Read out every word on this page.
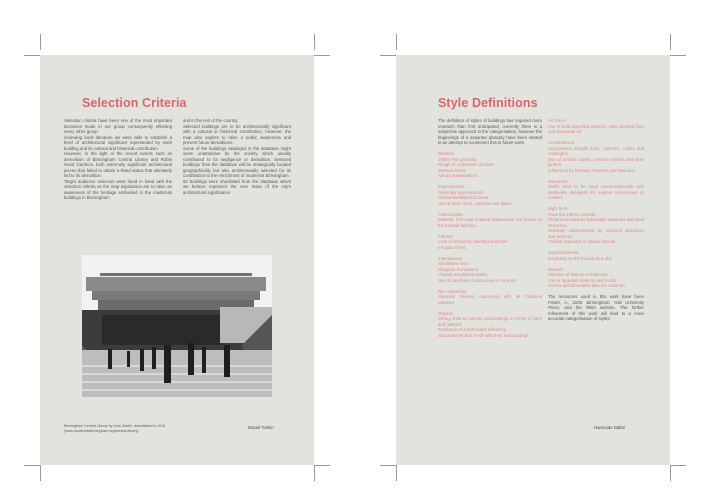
Selection Criteria

Selection criteria have been one of the most important decisions made in our group consequently effecting every other group.

reviewing book literature we were able to establish a level of architectural significant represented by each building and its cultural and historical contribution.

However, in the light of the recent events such as demolition of Birmingham Central Library and Robin Hood Gardens, both extremely significant architectural pieces that failed to obtain a listed status that ultimately led to its demolition.

Target audience selection went hand in hand with the selection criteria as the map aspirations are to raise an awareness of the heritage embodied in the modernist buildings in Birmingham

and in the rest of the country.

Selected buildings are to be architecturally significant with a cultural or historical contribution, however, the map also aspires to raise a public awareness and prevent future demolitions.

Some of the buildings cataloged in the database might seem unattractive by the society which usually contributed to its negligence or demolition. Selected buildings from the database will be strategically located geographically but also architecturally selected for its contribution to the enrichment of modernist Birmingham.

50 buildings were shortlisted from the database which we believe represent the core mass of the city's architectural significance.

Birmingham Central Library by John Madin, demolished in 2016 (www.modernistbirmingham.org/central-library)
Daniel Tonkin
Style Definitions

The definition of styles of buildings has required more research than first anticipated, currently there is a subjective approach to the categorisation, however the beginnings of a separate glossary have been started in an attempt to counteract this in future work.

Brutalist-

1950s-70s generally

Rough or unfinished concrete

Massive forms

Abrupt juxtapositions

Expressionist-

Generally asymmetrical

Abstracted/distorted forms

Use of brick, steel, concrete and glass.

Functionalist-

Material, form and outward appearance are based on the internal function.

Futurist-

Lack of ornament, painting and relief

Irregular forms

International-

Rectilinear form

Stripped of ornament

Visually weightless quality

Use of cantilever construction is common

Neo Classicist-

Classical Revival, concerned with all Classical volumes

Organic-

Strong links to natural surroundings in terms of form and material

Emphasis on functionalist efficiency

Structures tend to 'meld' with their surroundings

Art Deco-

Use of bold simplified patterns, often derived from non-European art

Constructivist-

Incorporates straight lines, cylinders, cubes and rectangles.

Use of tension cables, concrete frames and steel girders

Influenced by Russian Futurism and Bauhaus

Mannerist-

Motifs tend to be used unconventionally with deliberate disregard for original conventions or context

High Tech-

From the 1960s onwards

Preference towards lightweight materials and steel structures.

Buildings characterised by exposed structures and services

Flexible approach to spatial layouts

Supermodernist-

Emphasis on the facade as a skin

Moorish-

Variation of Islamic Architecture

Use of repeated patterns and motifs

Arches and decorative tiles are common

The resources used in this work have been Foster, A., 2005. Birmingham. Yale University Press, and the RIBA website. The further refinement of this work will lead to a more accurate categorisation of styles.

Hamoode Dallal
